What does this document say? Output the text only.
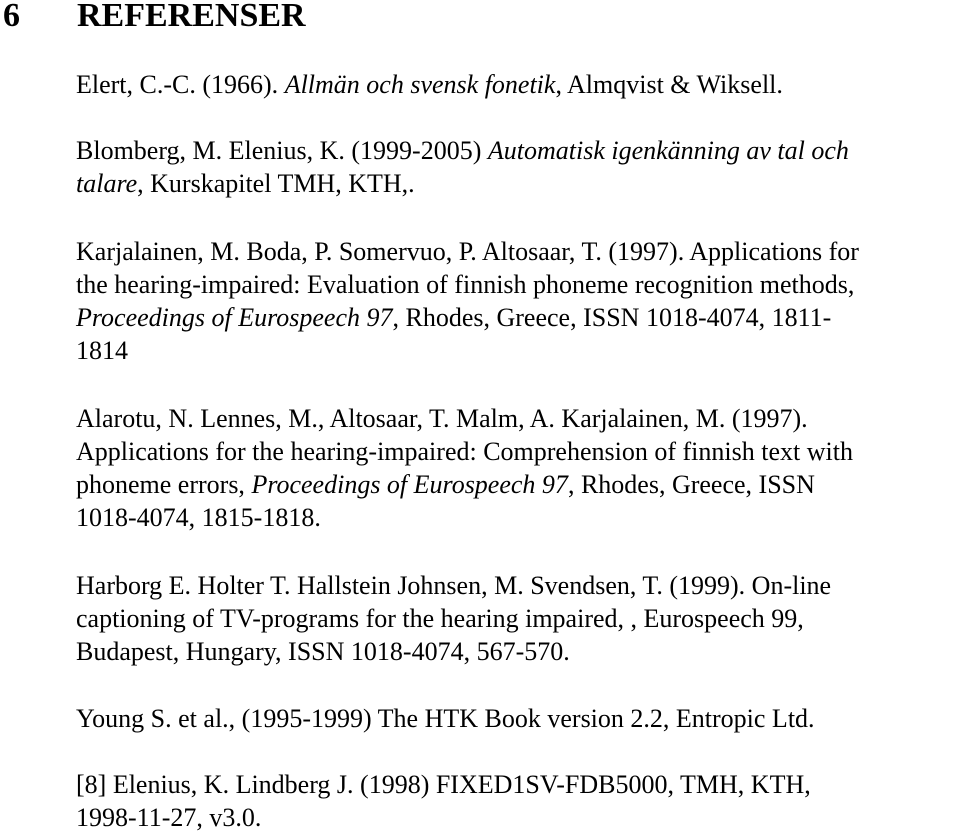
6 REFERENSER

Elert, C.-C. (1966). Allmän och svensk fonetik, Almqvist & Wiksell.

Blomberg, M. Elenius, K. (1999-2005) Automatisk igenkänning av tal och
talare, Kurskapitel TMH, KTH,.

Karjalainen, M. Boda, P. Somervuo, P. Altosaar, T. (1997). Applications for
the hearing-impaired: Evaluation of finnish phoneme recognition methods,
Proceedings of Eurospeech 97, Rhodes, Greece, ISSN 1018-4074, 1811-
1814

Alarotu, N. Lennes, M., Altosaar, T. Malm, A. Karjalainen, M. (1997).
Applications for the hearing-impaired: Comprehension of finnish text with
phoneme errors, Proceedings of Eurospeech 97, Rhodes, Greece, ISSN
1018-4074, 1815-1818.

Harborg E. Holter T. Hallstein Johnsen, M. Svendsen, T. (1999). On-line
captioning of TV-programs for the hearing impaired, , Eurospeech 99,
Budapest, Hungary, ISSN 1018-4074, 567-570.

Young S. et al., (1995-1999) The HTK Book version 2.2, Entropic Ltd.

[8] Elenius, K. Lindberg J. (1998) FIXED1SV-FDB5000, TMH, KTH,
1998-11-27, v3.0.
